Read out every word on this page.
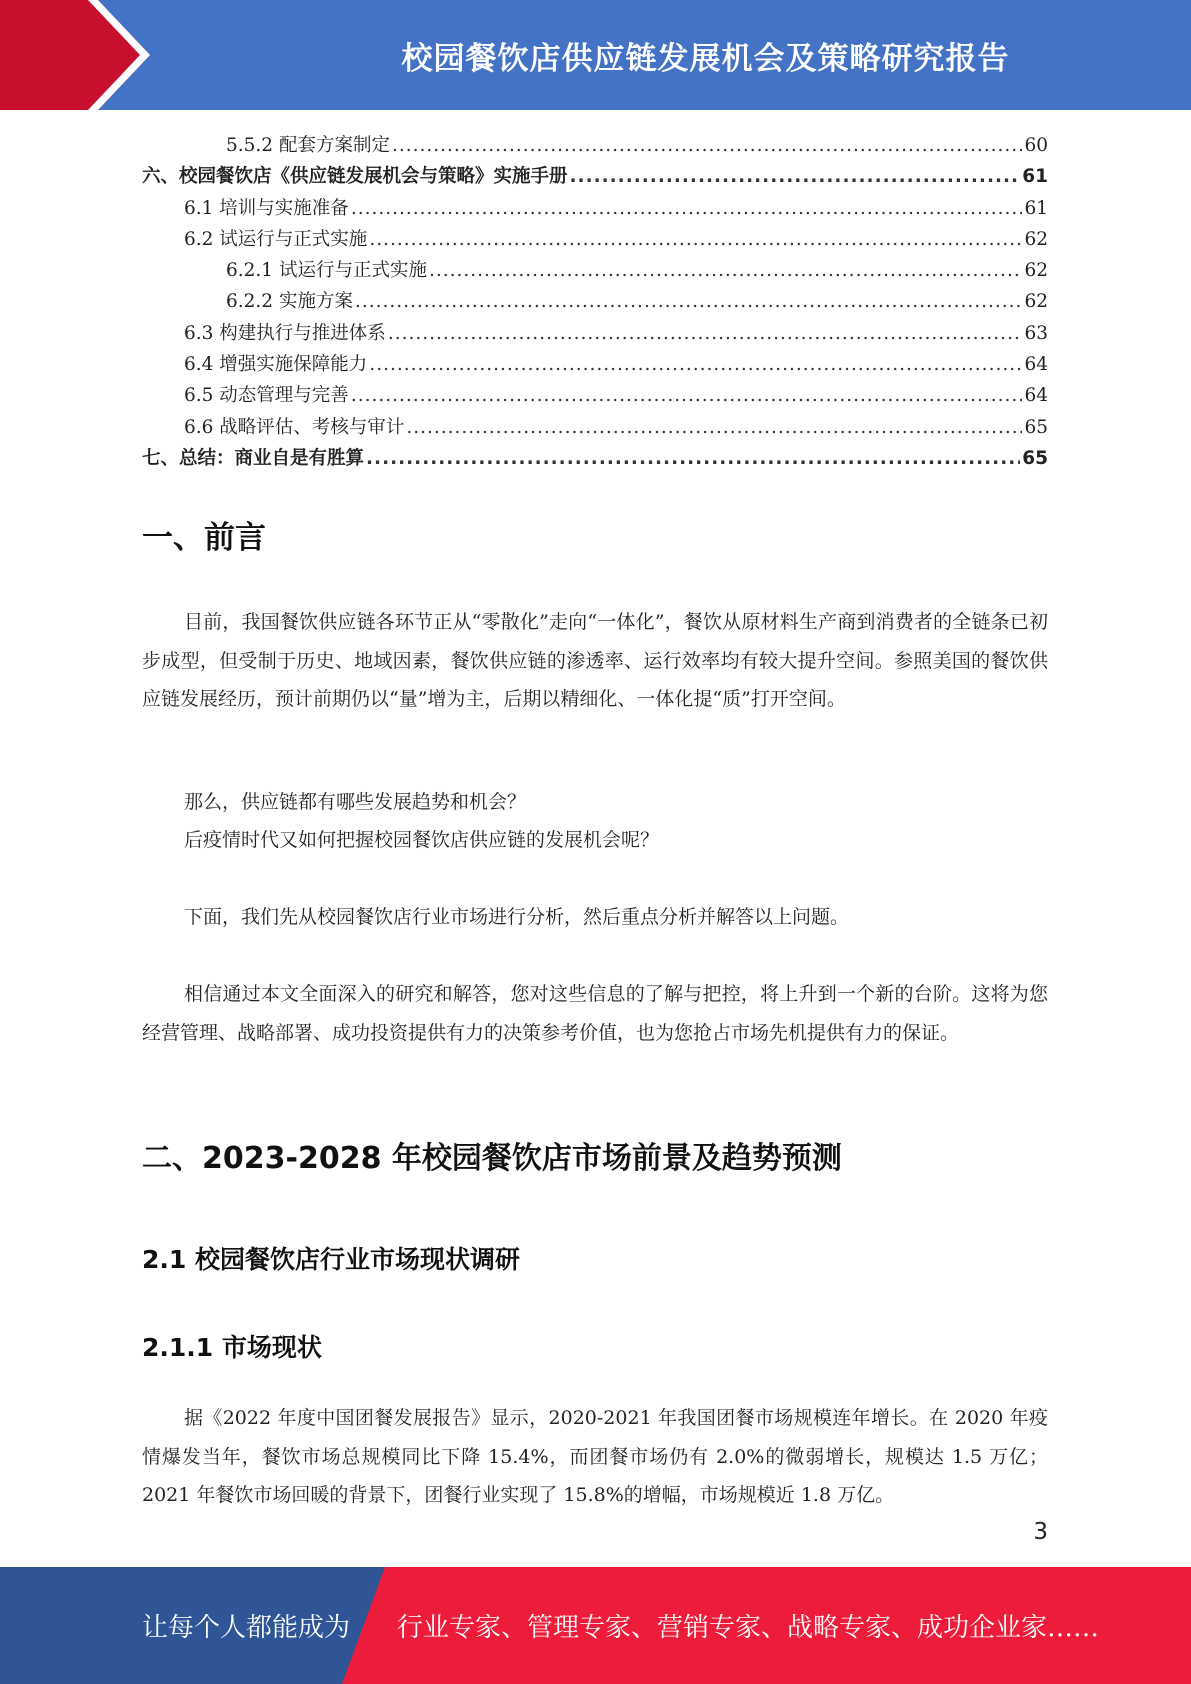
校园餐饮店供应链发展机会及策略研究报告
5.5.2 配套方案制定 .....	60
六、校园餐饮店《供应链发展机会与策略》实施手册 .....	61
6.1 培训与实施准备 .....	61
6.2 试运行与正式实施 .....	62
6.2.1 试运行与正式实施 .....	62
6.2.2 实施方案 .....	62
6.3 构建执行与推进体系 .....	63
6.4 增强实施保障能力 .....	64
6.5 动态管理与完善 .....	64
6.6 战略评估、考核与审计 .....	65
七、总结：商业自是有胜算 .....	65
一、前言
目前，我国餐饮供应链各环节正从“零散化”走向“一体化”，餐饮从原材料生产商到消费者的全链条已初步成型，但受制于历史、地域因素，餐饮供应链的渗透率、运行效率均有较大提升空间。参照美国的餐饮供应链发展经历，预计前期仍以“量”增为主，后期以精细化、一体化提“质”打开空间。
那么，供应链都有哪些发展趋势和机会？
后疫情时代又如何把握校园餐饮店供应链的发展机会呢？
下面，我们先从校园餐饮店行业市场进行分析，然后重点分析并解答以上问题。
相信通过本文全面深入的研究和解答，您对这些信息的了解与把控，将上升到一个新的台阶。这将为您经营管理、战略部署、成功投资提供有力的决策参考价值，也为您抢占市场先机提供有力的保证。
二、2023-2028 年校园餐饮店市场前景及趋势预测
2.1 校园餐饮店行业市场现状调研
2.1.1 市场现状
据《2022 年度中国团餐发展报告》显示，2020-2021 年我国团餐市场规模连年增长。在 2020 年疫情爆发当年，餐饮市场总规模同比下降 15.4%，而团餐市场仍有 2.0%的微弱增长，规模达 1.5 万亿；2021 年餐饮市场回暖的背景下，团餐行业实现了 15.8%的增幅，市场规模近 1.8 万亿。
3
让每个人都能成为 行业专家、管理专家、营销专家、战略专家、成功企业家……
